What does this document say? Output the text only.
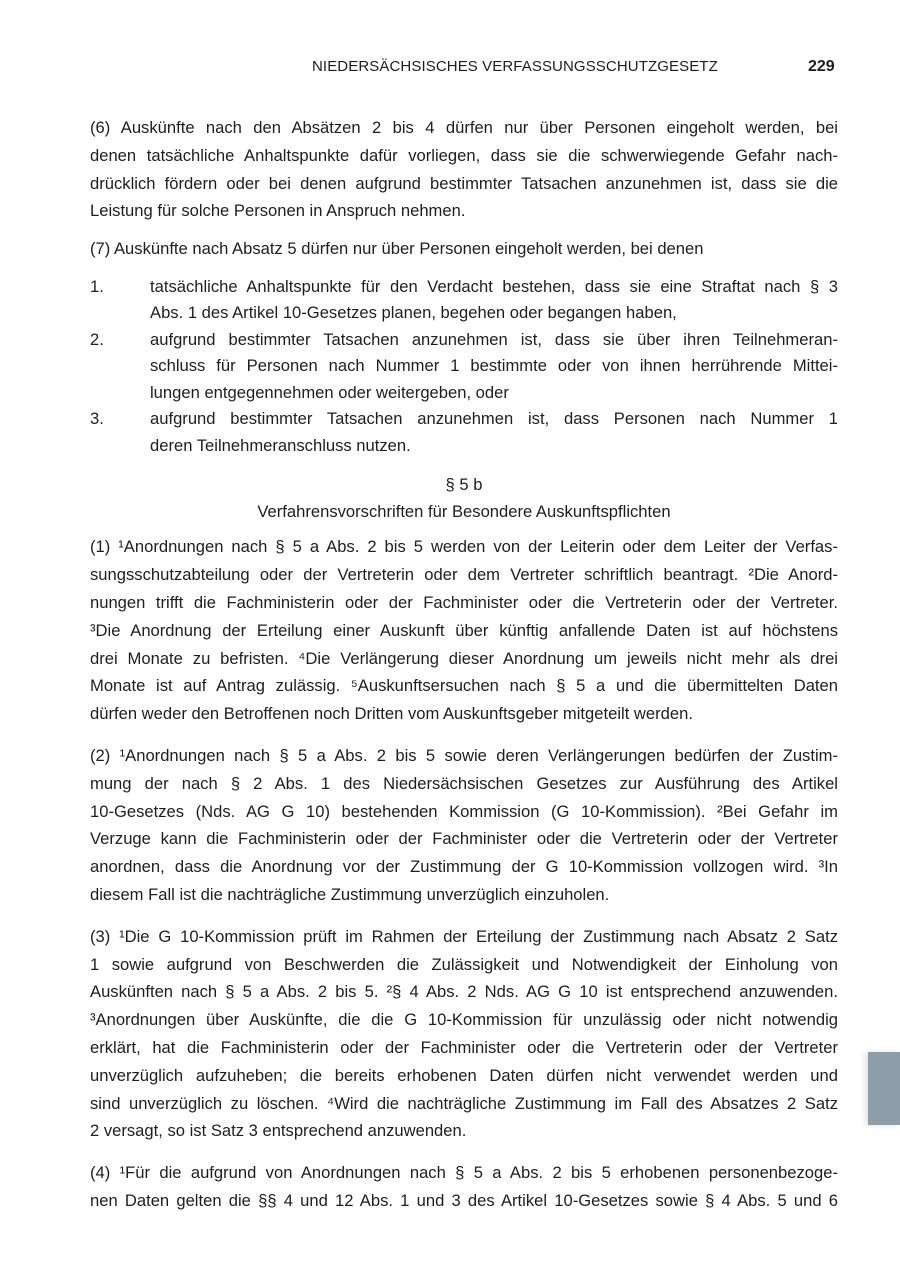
NIEDERSÄCHSISCHES VERFASSUNGSSCHUTZGESETZ	229
(6) Auskünfte nach den Absätzen 2 bis 4 dürfen nur über Personen eingeholt werden, bei
denen tatsächliche Anhaltspunkte dafür vorliegen, dass sie die schwerwiegende Gefahr nach-
drücklich fördern oder bei denen aufgrund bestimmter Tatsachen anzunehmen ist, dass sie die
Leistung für solche Personen in Anspruch nehmen.
(7) Auskünfte nach Absatz 5 dürfen nur über Personen eingeholt werden, bei denen
1.	tatsächliche Anhaltspunkte für den Verdacht bestehen, dass sie eine Straftat nach § 3
Abs. 1 des Artikel 10-Gesetzes planen, begehen oder begangen haben,
2.	aufgrund bestimmter Tatsachen anzunehmen ist, dass sie über ihren Teilnehmeran-
schluss für Personen nach Nummer 1 bestimmte oder von ihnen herrührende Mittei-
lungen entgegennehmen oder weitergeben, oder
3.	aufgrund bestimmter Tatsachen anzunehmen ist, dass Personen nach Nummer 1
deren Teilnehmeranschluss nutzen.
§ 5 b
Verfahrensvorschriften für Besondere Auskunftspflichten
(1) ¹Anordnungen nach § 5 a Abs. 2 bis 5 werden von der Leiterin oder dem Leiter der Verfas-
sungsschutzabteilung oder der Vertreterin oder dem Vertreter schriftlich beantragt. ²Die Anord-
nungen trifft die Fachministerin oder der Fachminister oder die Vertreterin oder der Vertreter.
³Die Anordnung der Erteilung einer Auskunft über künftig anfallende Daten ist auf höchstens
drei Monate zu befristen. ⁴Die Verlängerung dieser Anordnung um jeweils nicht mehr als drei
Monate ist auf Antrag zulässig. ⁵Auskunftsersuchen nach § 5 a und die übermittelten Daten
dürfen weder den Betroffenen noch Dritten vom Auskunftsgeber mitgeteilt werden.
(2) ¹Anordnungen nach § 5 a Abs. 2 bis 5 sowie deren Verlängerungen bedürfen der Zustim-
mung der nach § 2 Abs. 1 des Niedersächsischen Gesetzes zur Ausführung des Artikel
10-Gesetzes (Nds. AG G 10) bestehenden Kommission (G 10-Kommission). ²Bei Gefahr im
Verzuge kann die Fachministerin oder der Fachminister oder die Vertreterin oder der Vertreter
anordnen, dass die Anordnung vor der Zustimmung der G 10-Kommission vollzogen wird. ³In
diesem Fall ist die nachträgliche Zustimmung unverzüglich einzuholen.
(3) ¹Die G 10-Kommission prüft im Rahmen der Erteilung der Zustimmung nach Absatz 2 Satz
1 sowie aufgrund von Beschwerden die Zulässigkeit und Notwendigkeit der Einholung von
Auskünften nach § 5 a Abs. 2 bis 5. ²§ 4 Abs. 2 Nds. AG G 10 ist entsprechend anzuwenden.
³Anordnungen über Auskünfte, die die G 10-Kommission für unzulässig oder nicht notwendig
erklärt, hat die Fachministerin oder der Fachminister oder die Vertreterin oder der Vertreter
unverzüglich aufzuheben; die bereits erhobenen Daten dürfen nicht verwendet werden und
sind unverzüglich zu löschen. ⁴Wird die nachträgliche Zustimmung im Fall des Absatzes 2 Satz
2 versagt, so ist Satz 3 entsprechend anzuwenden.
(4) ¹Für die aufgrund von Anordnungen nach § 5 a Abs. 2 bis 5 erhobenen personenbezoge-
nen Daten gelten die §§ 4 und 12 Abs. 1 und 3 des Artikel 10-Gesetzes sowie § 4 Abs. 5 und 6
